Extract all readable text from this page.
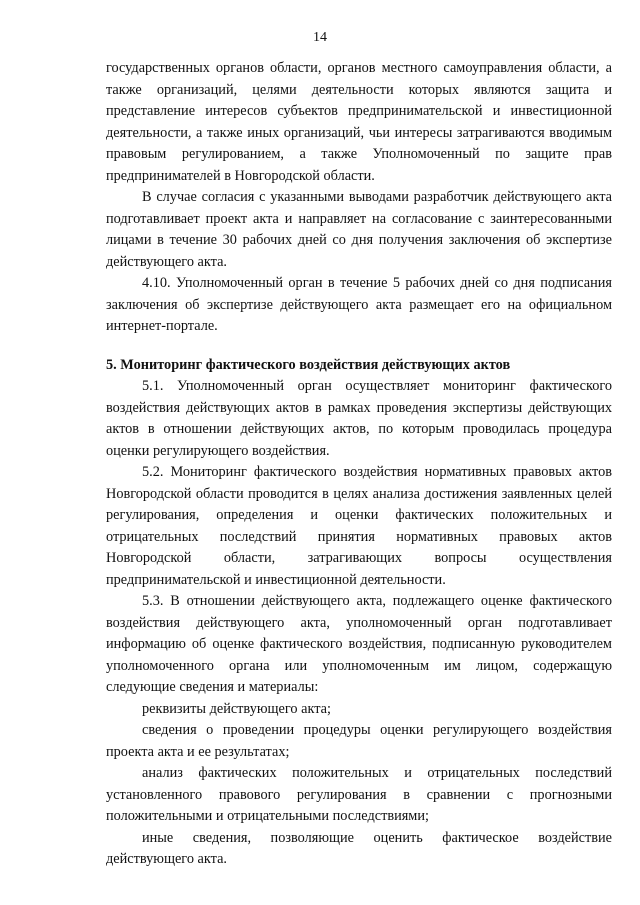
14

государственных органов области, органов местного самоуправления области, а также организаций, целями деятельности которых являются защита и представление интересов субъектов предпринимательской и инвестиционной деятельности, а также иных организаций, чьи интересы затрагиваются вводимым правовым регулированием, а также Уполномоченный по защите прав предпринимателей в Новгородской области.

В случае согласия с указанными выводами разработчик действующего акта подготавливает проект акта и направляет на согласование с заинтересованными лицами в течение 30 рабочих дней со дня получения заключения об экспертизе действующего акта.

4.10. Уполномоченный орган в течение 5 рабочих дней со дня подписания заключения об экспертизе действующего акта размещает его на официальном интернет-портале.

5. Мониторинг фактического воздействия действующих актов

5.1. Уполномоченный орган осуществляет мониторинг фактического воздействия действующих актов в рамках проведения экспертизы действующих актов в отношении действующих актов, по которым проводилась процедура оценки регулирующего воздействия.

5.2. Мониторинг фактического воздействия нормативных правовых актов Новгородской области проводится в целях анализа достижения заявленных целей регулирования, определения и оценки фактических положительных и отрицательных последствий принятия нормативных правовых актов Новгородской области, затрагивающих вопросы осуществления предпринимательской и инвестиционной деятельности.

5.3. В отношении действующего акта, подлежащего оценке фактического воздействия действующего акта, уполномоченный орган подготавливает информацию об оценке фактического воздействия, подписанную руководителем уполномоченного органа или уполномоченным им лицом, содержащую следующие сведения и материалы:

реквизиты действующего акта;

сведения о проведении процедуры оценки регулирующего воздействия проекта акта и ее результатах;

анализ фактических положительных и отрицательных последствий установленного правового регулирования в сравнении с прогнозными положительными и отрицательными последствиями;

иные сведения, позволяющие оценить фактическое воздействие действующего акта.
